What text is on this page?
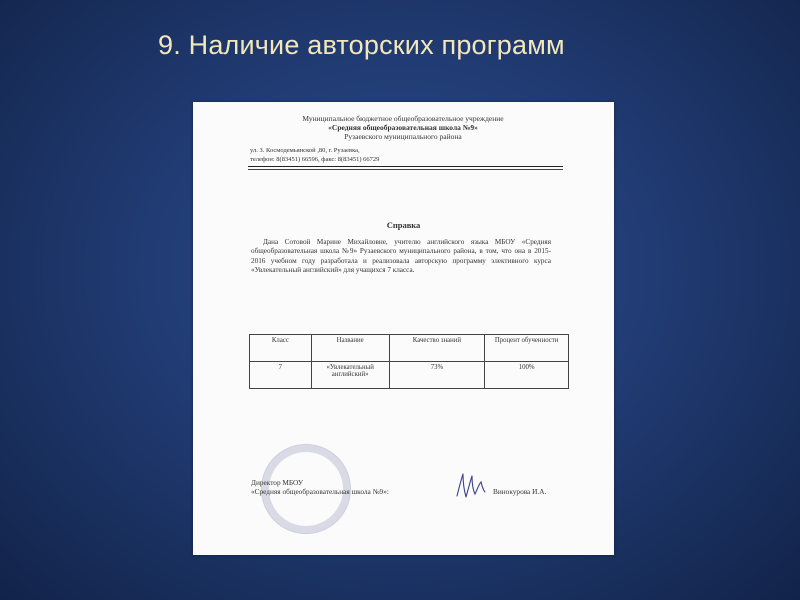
9. Наличие авторских программ
Муниципальное бюджетное общеобразовательное учреждение
«Средняя общеобразовательная школа №9»
Рузаевского муниципального района
ул. З. Космодемьянской ,80, г. Рузаевка,
телефон: 8(83451) 66596, факс: 8(83451) 66729
Справка
Дана Сотовой Марине Михайловне, учителю английского языка МБОУ «Средняя общеобразовательная школа №9» Рузаевского муниципального района, в том, что она в 2015-2016 учебном году разработала и реализовала авторскую программу элективного курса «Увлекательный английский» для учащихся 7 класса.
Класс	Название	Качество знаний	Процент обученности
7	«Увлекательный английский»	73%	100%
Директор МБОУ
«Средняя общеобразовательная школа №9»:	Винокурова И.А.
